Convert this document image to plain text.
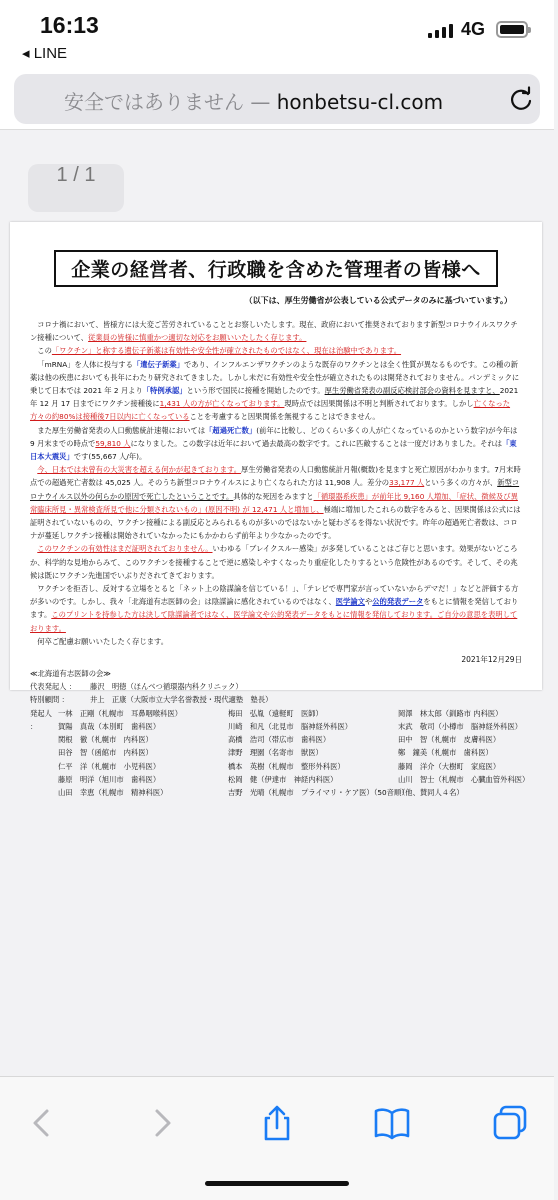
16:13
◂ LINE
4G
安全ではありません — honbetsu-cl.com
1 / 1
企業の経営者、行政職を含めた管理者の皆様へ
（以下は、厚生労働省が公表している公式データのみに基づいています。）

コロナ禍において、皆様方には大変ご苦労されていることとお察しいたします。現在、政府において推奨されております新型コロナウイルスワクチン接種について、従業員の皆様に慎重かつ適切な対応をお願いいたしたく存じます。

この「ワクチン」と称する遺伝子新薬は有効性や安全性が確立されたものではなく、現在は治験中であります。

「mRNA」を人体に投与する「遺伝子新薬」であり、インフルエンザワクチンのような既存のワクチンとは全く性質が異なるものです。この種の新薬は他の疾患においても長年にわたり研究されてきました。しかし未だに有効性や安全性が確立されたものは開発されておりません。パンデミックに乗じて日本では 2021 年 2 月より「特例承認」という形で国民に接種を開始したのです。厚生労働省発表の副反応検討部会の資料を見ますと、2021 年 12 月 17 日までにワクチン接種後に1,431 人の方が亡くなっております。現時点では因果関係は不明と判断されております。しかし亡くなった方々の約80%は接種後7日以内に亡くなっていることを考慮すると因果関係を無視することはできません。

また厚生労働省発表の人口動態統計速報においては「超過死亡数」(前年に比較し、どのくらい多くの人が亡くなっているのかという数字)が今年は 9 月末までの時点で59,810 人になりました。この数字は近年において過去最高の数字です。これに匹敵することは一度だけありました。それは「東日本大震災」です(55,667 人/年)。

今、日本では未曾有の大災害を超える何かが起きております。厚生労働省発表の人口動態統計月報(概数)を見ますと死亡原因がわかります。7月末時点での超過死亡者数は 45,025 人。そのうち新型コロナウイルスにより亡くなられた方は 11,908 人。差分の33,177 人という多くの方々が、新型コロナウイルス以外の何らかの原因で死亡したということです。具体的な死因をみますと「循環器系疾患」が前年比 9,160 人増加、「症状、徴候及び異常臨床所見・異常検査所見で他に分類されないもの」(原因不明) が 12,471 人と増加し、極端に増加したこれらの数字をみると、因果関係は公式には証明されていないものの、ワクチン接種による副反応とみられるものが多いのではないかと疑わざるを得ない状況です。昨年の超過死亡者数は、コロナが蔓延しワクチン接種は開始されていなかったにもかかわらず前年より少なかったのです。

このワクチンの有効性はまだ証明されておりません。いわゆる「ブレイクスルー感染」が多発していることはご存じと思います。効果がないどころか、科学的な見地からみて、このワクチンを接種することで逆に感染しやすくなったり重症化したりするという危険性があるのです。そして、その兆候は既にワクチン先進国でいぶりだされてきております。

ワクチンを拒否し、反対する立場をとると「ネット上の陰謀論を信じている！」、「テレビで専門家が言っていないからデマだ！」などと評価する方が多いのです。しかし、我々「北海道有志医師の会」は陰謀論に感化されているのではなく、医学論文や公的発表データをもとに情報を発信しております。このプリントを持参した方は決して陰謀論者ではなく、医学論文や公的発表データをもとに情報を発信しております。ご自分の意思を表明しております。

何卒ご配慮お願いいたしたく存じます。

2021年12月29日
≪北海道有志医師の会≫
代表発起人 ：	藤沢　明徳（ほんべつ循環器内科クリニック）
特別顧問 ：	井上　正康（大阪市立大学名誉教授・現代適塾　塾長）
発起人 ：
一林　正剛（札幌市　耳鼻咽喉科医）	梅田　弘胤（遠軽町　医師）	岡澤　林太郎（釧路市 内科医）
賀陽　真哉（本別町　歯科医）	川崎　和凡（北見市　脳神経外科医）	末武　敬司（小樽市　脳神経外科医）
関根　徹（札幌市　内科医）	高橋　浩司（帯広市　歯科医）	田中　智（札幌市　皮膚科医）
田谷　智（函館市　内科医）	津野　理園（名寄市　獣医）	鄭　鐘美（札幌市　歯科医）
仁平　洋（札幌市　小児科医）	橋本　英樹（札幌市　整形外科医）	藤岡　洋介（大樹町　家庭医）
藤原　明洋（旭川市　歯科医）	松岡　健（伊達市　神経内科医）	山川　智士（札幌市　心臓血管外科医）
山田　幸恵（札幌市　精神科医）	吉野　光晴（札幌市　プライマリ・ケア医）（50音順）
（他、賛同人４名）
